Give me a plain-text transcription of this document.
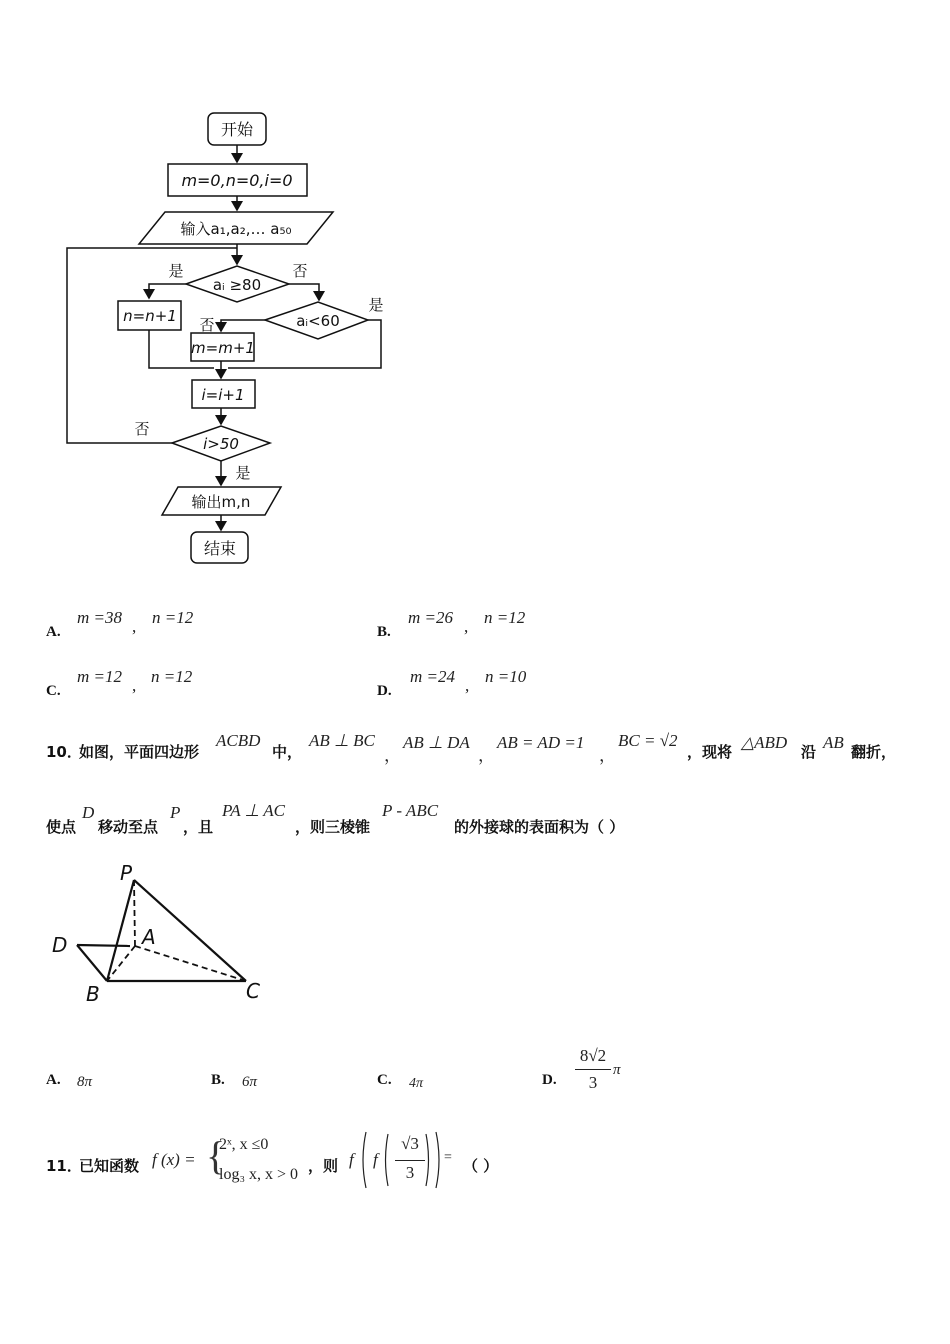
开始
m=0,n=0,i=0
输入a₁,a₂,… a₅₀
aᵢ ≥80
aᵢ<60
n=n+1
m=m+1
i=i+1
i>50
输出m,n
结束
是	否
是
否
否
是
A.
m =38 , n =12
B.
m =26 , n =12
C.
m =12 , n =12
D.
m =24 , n =10
10．
如图，平面四边形
ACBD
中，
AB ⊥ BC
，
AB ⊥ DA
，
AB = AD =1
，
BC = √2
，现将 △ABD 沿 AB 翻折，
使点
D
移动至点
P
，且
PA ⊥ AC
，则三棱锥
P - ABC
的外接球的表面积为（ ）
P
A
D
B	C
A. 8π	B. 6π	C. 4π	D.
8√2
3
π
11．
已知函数 f (x) = {
2ˣ, x ≤0
log₃ x, x > 0 ，则 f f
√3
3
= （ ）
